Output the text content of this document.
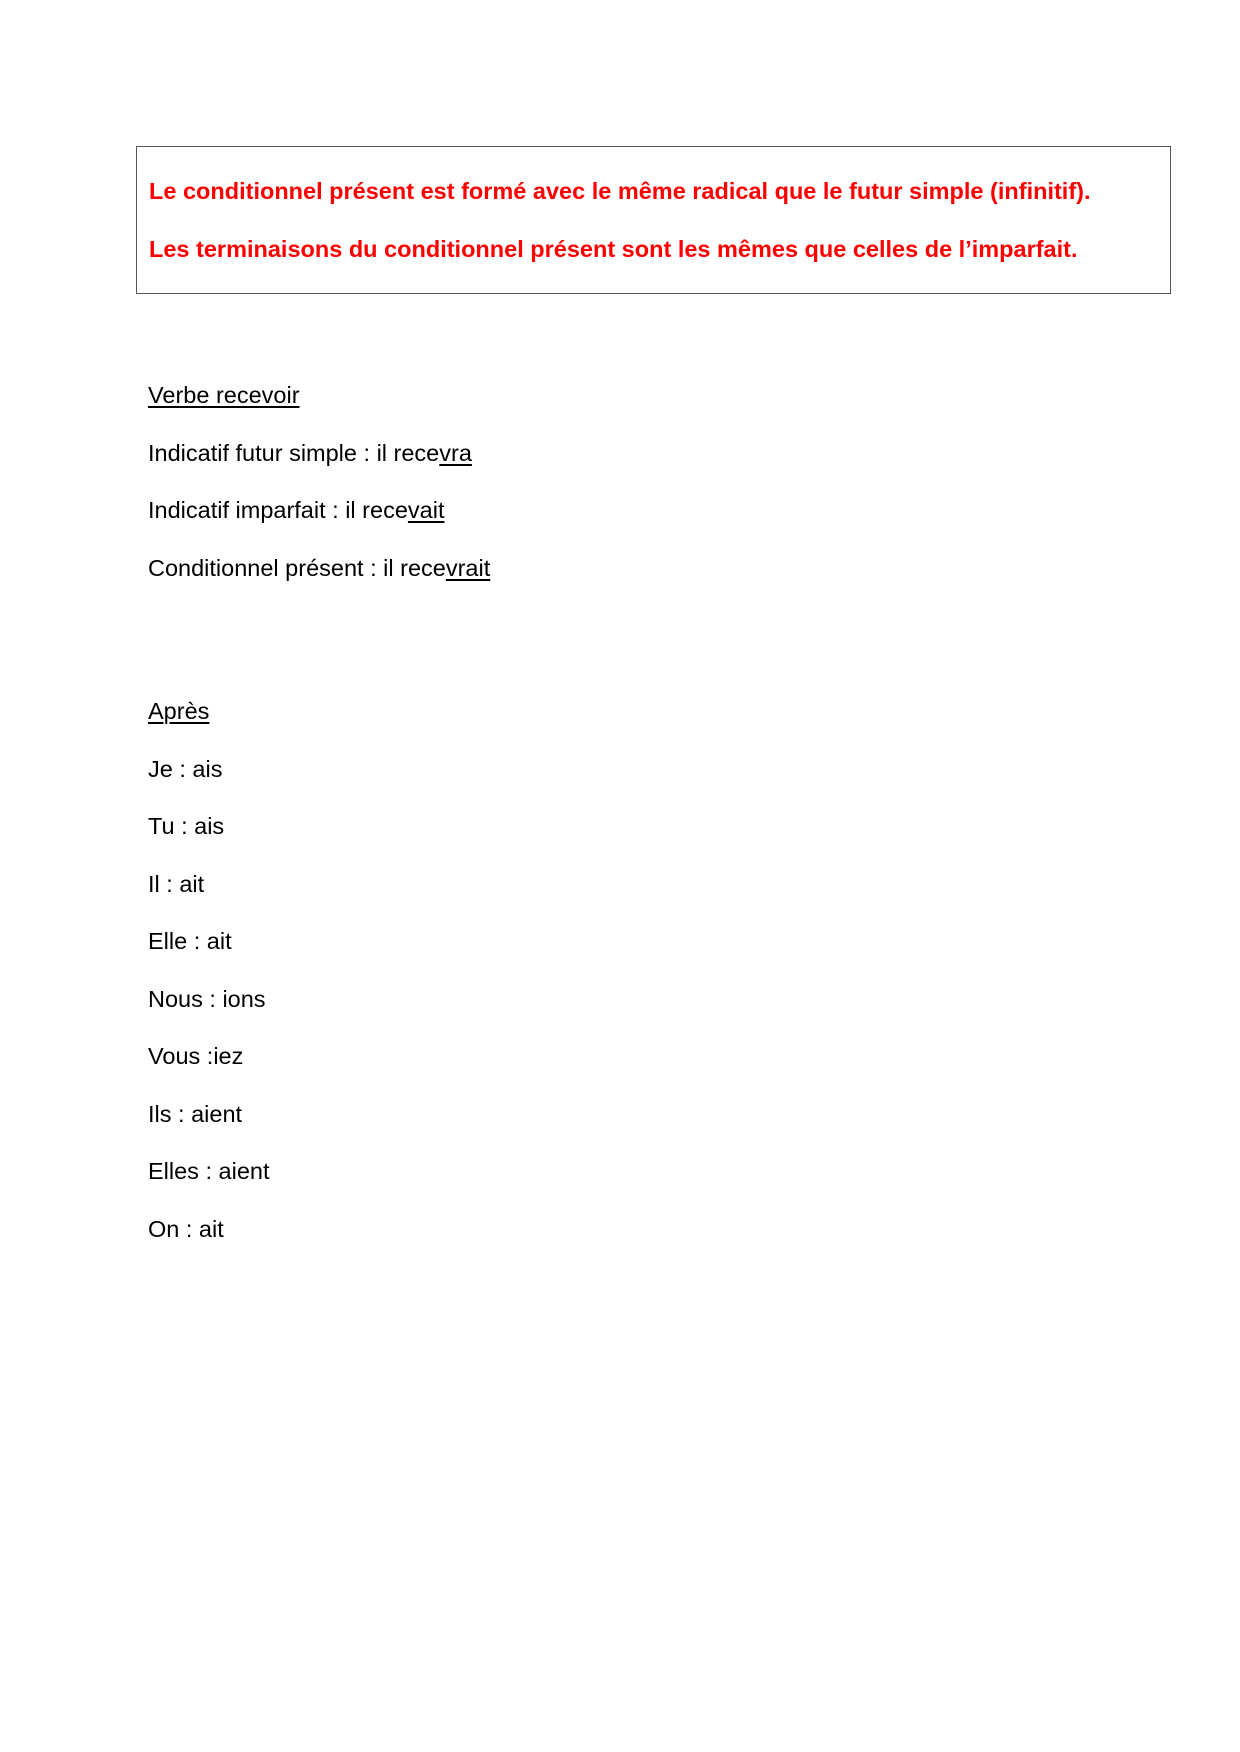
Le conditionnel présent est formé avec le même radical que le futur simple (infinitif).

Les terminaisons du conditionnel présent sont les mêmes que celles de l’imparfait.

Verbe recevoir

Indicatif futur simple : il recevra

Indicatif imparfait : il recevait

Conditionnel présent : il recevrait

Après

Je : ais

Tu : ais

Il : ait

Elle : ait

Nous : ions

Vous :iez

Ils : aient

Elles : aient

On : ait
